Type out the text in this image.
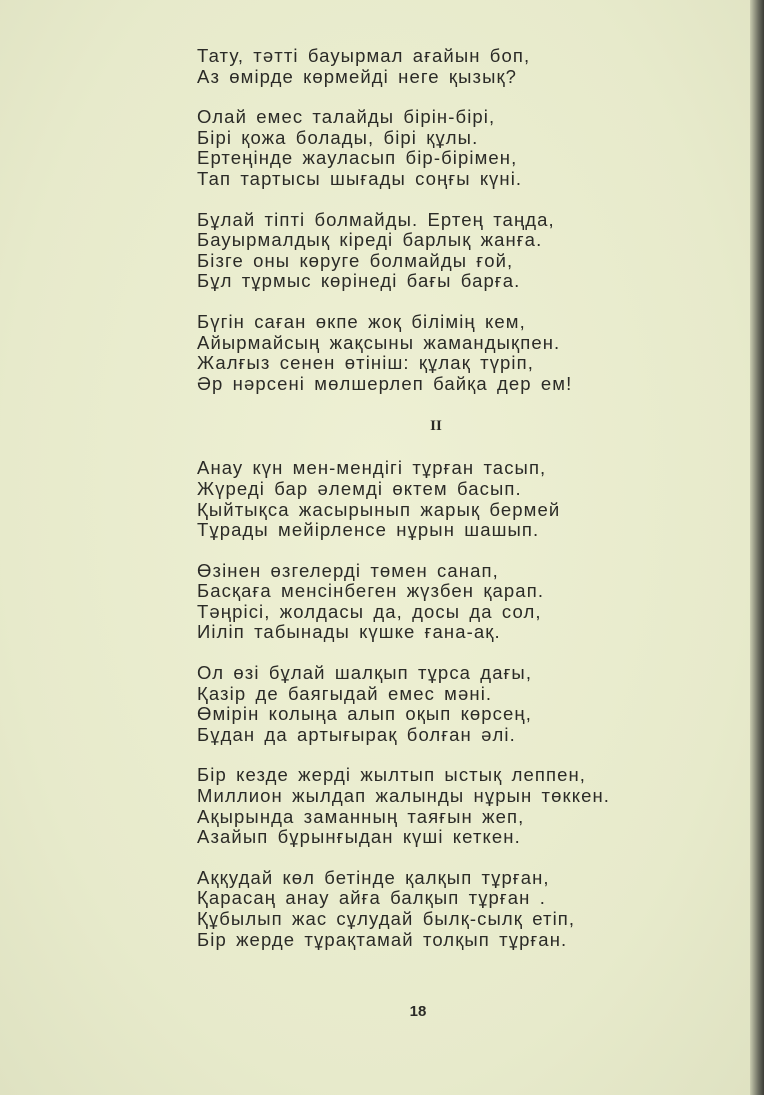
Тату, тәтті бауырмал ағайын боп,
Аз өмірде көрмейді неге қызық?
Олай емес талайды бірін-бірі,
Бірі қожа болады, бірі құлы.
Ертеңінде жауласып бір-бірімен,
Тап тартысы шығады соңғы күні.
Бұлай тіпті болмайды. Ертең таңда,
Бауырмалдық кіреді барлық жанға.
Бізге оны көруге болмайды ғой,
Бұл тұрмыс көрінеді бағы барға.
Бүгін саған өкпе жоқ білімің кем,
Айырмайсың жақсыны жамандықпен.
Жалғыз сенен өтініш: құлақ түріп,
Әр нәрсені мөлшерлеп байқа дер ем!
II
Анау күн мен-мендігі тұрған тасып,
Жүреді бар әлемді өктем басып.
Қыйтықса жасырынып жарық бермей
Тұрады мейірленсе нұрын шашып.
Өзінен өзгелерді төмен санап,
Басқаға менсінбеген жүзбен қарап.
Тәңрісі, жолдасы да, досы да сол,
Иіліп табынады күшке ғана-ақ.
Ол өзі бұлай шалқып тұрса дағы,
Қазір де баягыдай емес мәні.
Өмірін колыңа алып оқып көрсең,
Бұдан да артығырақ болған әлі.
Бір кезде жерді жылтып ыстық леппен,
Миллион жылдап жалынды нұрын төккен.
Ақырында заманның таяғын жеп,
Азайып бұрынғыдан күші кеткен.
Аққудай көл бетінде қалқып тұрған,
Қарасаң анау айға балқып тұрған .
Құбылып жас сұлудай былқ-сылқ етіп,
Бір жерде тұрақтамай толқып тұрған.
18
